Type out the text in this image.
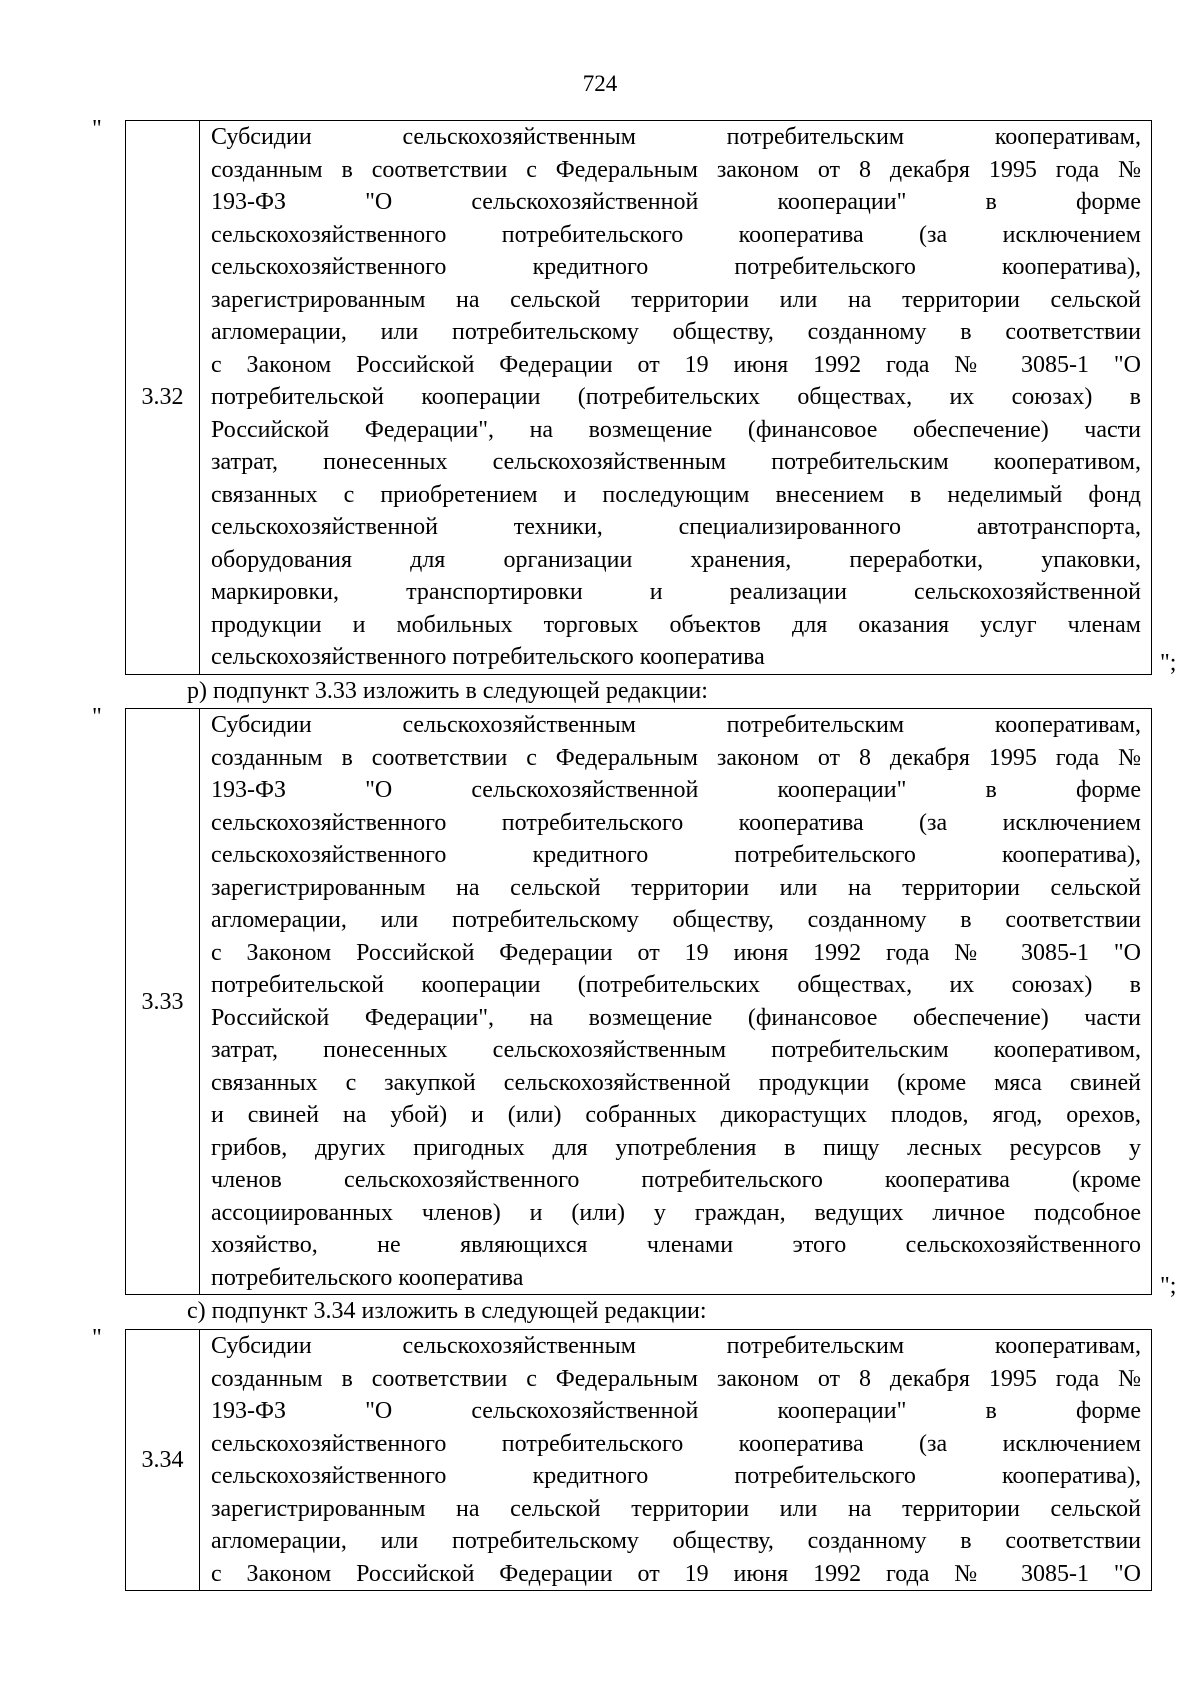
724
"
3.32
Субсидии сельскохозяйственным потребительским кооперативам,
созданным в соответствии с Федеральным законом от 8 декабря 1995 года №
193-ФЗ "О сельскохозяйственной кооперации" в форме
сельскохозяйственного потребительского кооператива (за исключением
сельскохозяйственного кредитного потребительского кооператива),
зарегистрированным на сельской территории или на территории сельской
агломерации, или потребительскому обществу, созданному в соответствии
с Законом Российской Федерации от 19 июня 1992 года № 3085-1 "О
потребительской кооперации (потребительских обществах, их союзах) в
Российской Федерации", на возмещение (финансовое обеспечение) части
затрат, понесенных сельскохозяйственным потребительским кооперативом,
связанных с приобретением и последующим внесением в неделимый фонд
сельскохозяйственной техники, специализированного автотранспорта,
оборудования для организации хранения, переработки, упаковки,
маркировки, транспортировки и реализации сельскохозяйственной
продукции и мобильных торговых объектов для оказания услуг членам
сельскохозяйственного потребительского кооператива	";
р) подпункт 3.33 изложить в следующей редакции:
"
3.33
Субсидии сельскохозяйственным потребительским кооперативам,
созданным в соответствии с Федеральным законом от 8 декабря 1995 года №
193-ФЗ "О сельскохозяйственной кооперации" в форме
сельскохозяйственного потребительского кооператива (за исключением
сельскохозяйственного кредитного потребительского кооператива),
зарегистрированным на сельской территории или на территории сельской
агломерации, или потребительскому обществу, созданному в соответствии
с Законом Российской Федерации от 19 июня 1992 года № 3085-1 "О
потребительской кооперации (потребительских обществах, их союзах) в
Российской Федерации", на возмещение (финансовое обеспечение) части
затрат, понесенных сельскохозяйственным потребительским кооперативом,
связанных с закупкой сельскохозяйственной продукции (кроме мяса свиней
и свиней на убой) и (или) собранных дикорастущих плодов, ягод, орехов,
грибов, других пригодных для употребления в пищу лесных ресурсов у
членов сельскохозяйственного потребительского кооператива (кроме
ассоциированных членов) и (или) у граждан, ведущих личное подсобное
хозяйство, не являющихся членами этого сельскохозяйственного
потребительского кооператива	";
с) подпункт 3.34 изложить в следующей редакции:
"
3.34
Субсидии сельскохозяйственным потребительским кооперативам,
созданным в соответствии с Федеральным законом от 8 декабря 1995 года №
193-ФЗ "О сельскохозяйственной кооперации" в форме
сельскохозяйственного потребительского кооператива (за исключением
сельскохозяйственного кредитного потребительского кооператива),
зарегистрированным на сельской территории или на территории сельской
агломерации, или потребительскому обществу, созданному в соответствии
с Законом Российской Федерации от 19 июня 1992 года № 3085-1 "О
